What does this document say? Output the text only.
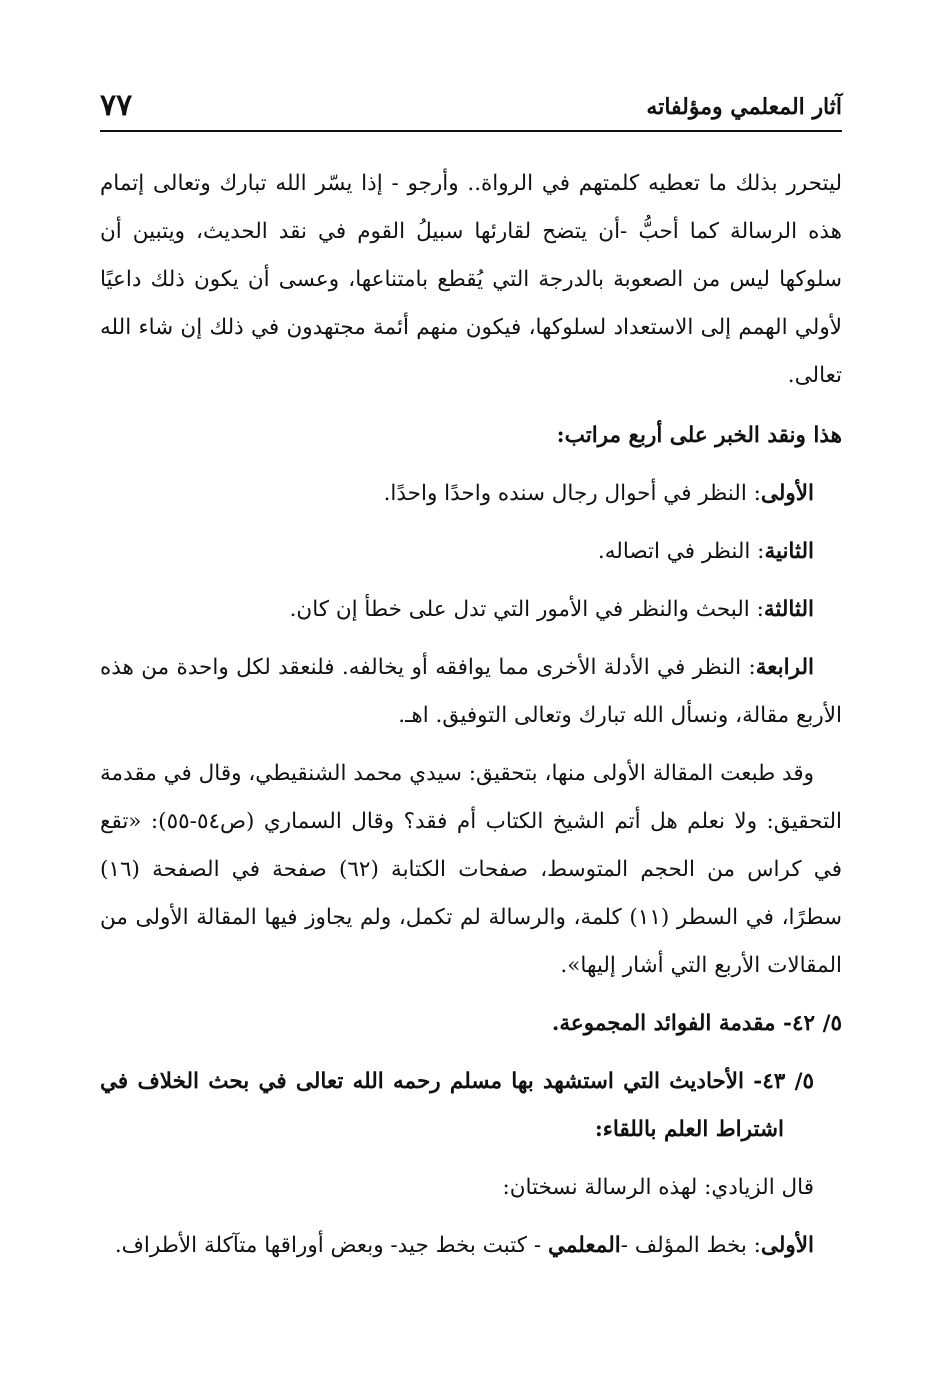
آثار المعلمي ومؤلفاته
٧٧

ليتحرر بذلك ما تعطيه كلمتهم في الرواة.. وأرجو - إذا يسّر الله تبارك وتعالى إتمام هذه الرسالة كما أحبُّ -أن يتضح لقارئها سبيلُ القوم في نقد الحديث، ويتبين أن سلوكها ليس من الصعوبة بالدرجة التي يُقطع بامتناعها، وعسى أن يكون ذلك داعيًا لأولي الهمم إلى الاستعداد لسلوكها، فيكون منهم أئمة مجتهدون في ذلك إن شاء الله تعالى.

هذا ونقد الخبر على أربع مراتب:

الأولى: النظر في أحوال رجال سنده واحدًا واحدًا.

الثانية: النظر في اتصاله.

الثالثة: البحث والنظر في الأمور التي تدل على خطأ إن كان.

الرابعة: النظر في الأدلة الأخرى مما يوافقه أو يخالفه. فلنعقد لكل واحدة من هذه الأربع مقالة، ونسأل الله تبارك وتعالى التوفيق. اهـ.

وقد طبعت المقالة الأولى منها، بتحقيق: سيدي محمد الشنقيطي، وقال في مقدمة التحقيق: ولا نعلم هل أتم الشيخ الكتاب أم فقد؟ وقال السماري (ص٥٤-٥٥): «تقع في كراس من الحجم المتوسط، صفحات الكتابة (٦٢) صفحة في الصفحة (١٦) سطرًا، في السطر (١١) كلمة، والرسالة لم تكمل، ولم يجاوز فيها المقالة الأولى من المقالات الأربع التي أشار إليها».

٥/ ٤٢- مقدمة الفوائد المجموعة.

٥/ ٤٣- الأحاديث التي استشهد بها مسلم رحمه الله تعالى في بحث الخلاف في اشتراط العلم باللقاء:

قال الزيادي: لهذه الرسالة نسختان:

الأولى: بخط المؤلف -المعلمي - كتبت بخط جيد- وبعض أوراقها متآكلة الأطراف.
